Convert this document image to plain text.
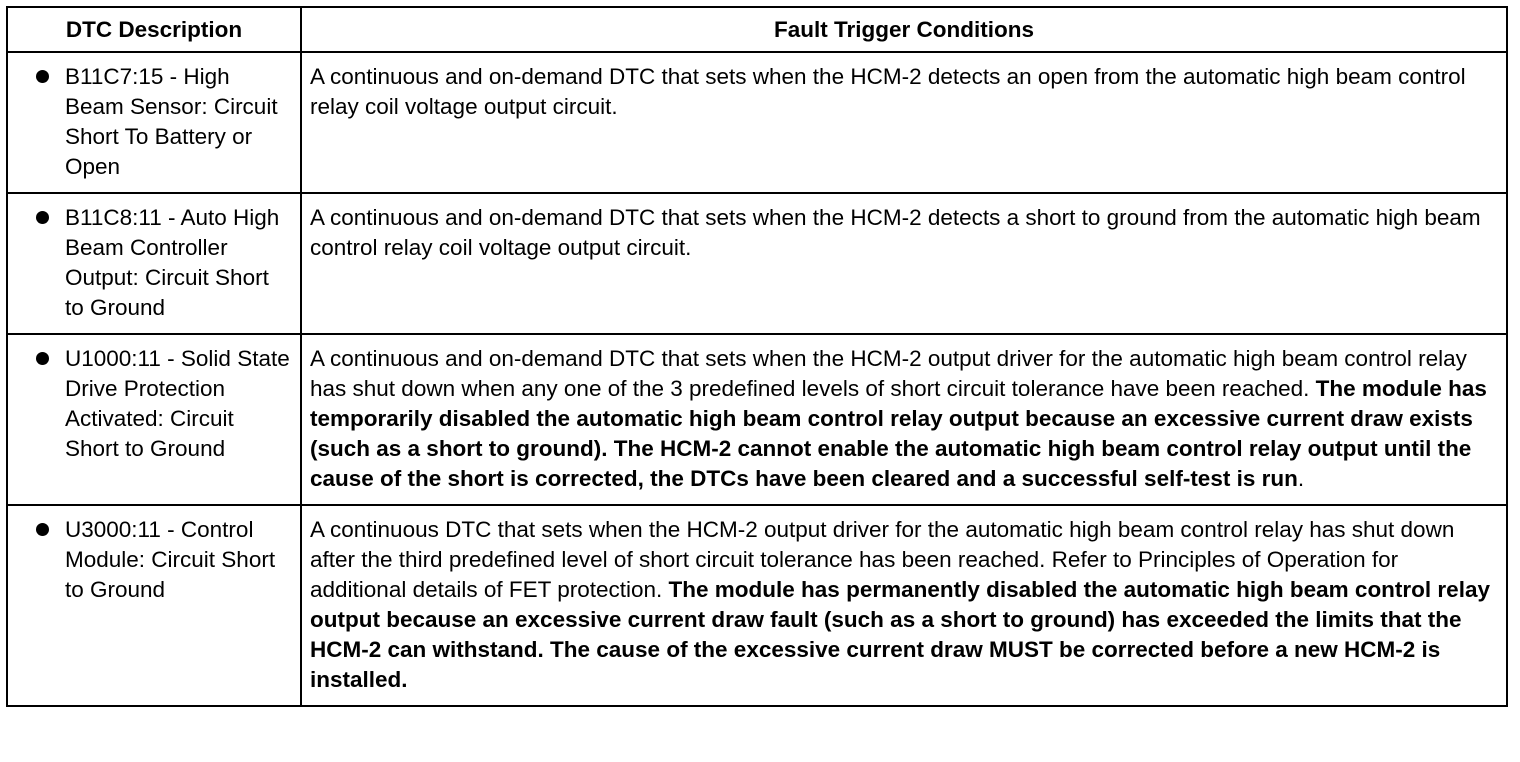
DTC Description	Fault Trigger Conditions

B11C7:15 - High Beam Sensor: Circuit Short To Battery or Open	A continuous and on-demand DTC that sets when the HCM-2 detects an open from the automatic high beam control relay coil voltage output circuit.

B11C8:11 - Auto High Beam Controller Output: Circuit Short to Ground	A continuous and on-demand DTC that sets when the HCM-2 detects a short to ground from the automatic high beam control relay coil voltage output circuit.

U1000:11 - Solid State Drive Protection Activated: Circuit Short to Ground	A continuous and on-demand DTC that sets when the HCM-2 output driver for the automatic high beam control relay has shut down when any one of the 3 predefined levels of short circuit tolerance have been reached. The module has temporarily disabled the automatic high beam control relay output because an excessive current draw exists (such as a short to ground). The HCM-2 cannot enable the automatic high beam control relay output until the cause of the short is corrected, the DTCs have been cleared and a successful self-test is run.

U3000:11 - Control Module: Circuit Short to Ground	A continuous DTC that sets when the HCM-2 output driver for the automatic high beam control relay has shut down after the third predefined level of short circuit tolerance has been reached. Refer to Principles of Operation for additional details of FET protection. The module has permanently disabled the automatic high beam control relay output because an excessive current draw fault (such as a short to ground) has exceeded the limits that the HCM-2 can withstand. The cause of the excessive current draw MUST be corrected before a new HCM-2 is installed.
